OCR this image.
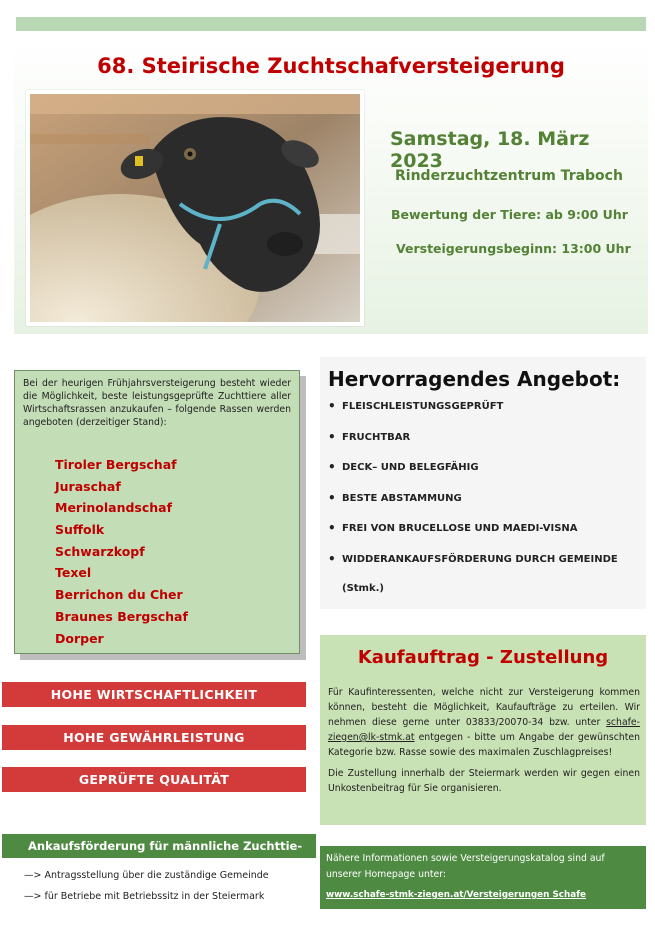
68. Steirische Zuchtschafversteigerung
Samstag, 18. März 2023
Rinderzuchtzentrum Traboch
Bewertung der Tiere: ab 9:00 Uhr
Versteigerungsbeginn: 13:00 Uhr
Bei der heurigen Frühjahrsversteigerung besteht wieder die Möglichkeit, beste leistungsgeprüfte Zuchttiere aller Wirtschaftsrassen anzukaufen – folgende Rassen werden angeboten (derzeitiger Stand):
Tiroler Bergschaf
Juraschaf
Merinolandschaf
Suffolk
Schwarzkopf
Texel
Berrichon du Cher
Braunes Bergschaf
Dorper
Hervorragendes Angebot:
• FLEISCHLEISTUNGSGEPRÜFT
• FRUCHTBAR
• DECK– UND BELEGFÄHIG
• BESTE ABSTAMMUNG
• FREI VON BRUCELLOSE UND MAEDI-VISNA
• WIDDERANKAUFSFÖRDERUNG DURCH GEMEINDE
(Stmk.)
HOHE WIRTSCHAFTLICHKEIT
HOHE GEWÄHRLEISTUNG
GEPRÜFTE QUALITÄT
Kaufauftrag - Zustellung

Für Kaufinteressenten, welche nicht zur Versteigerung kommen können, besteht die Möglichkeit, Kaufaufträge zu erteilen. Wir nehmen diese gerne unter 03833/20070-34 bzw. unter schafe-ziegen@lk-stmk.at entgegen - bitte um Angabe der gewünschten Kategorie bzw. Rasse sowie des maximalen Zuschlagpreises!

Die Zustellung innerhalb der Steiermark werden wir gegen einen Unkostenbeitrag für Sie organisieren.

Ankaufsförderung für männliche Zuchttie-
—> Antragsstellung über die zuständige Gemeinde
—> für Betriebe mit Betriebssitz in der Steiermark
Nähere Informationen sowie Versteigerungskatalog sind auf unserer Homepage unter:
www.schafe-stmk-ziegen.at/Versteigerungen Schafe
